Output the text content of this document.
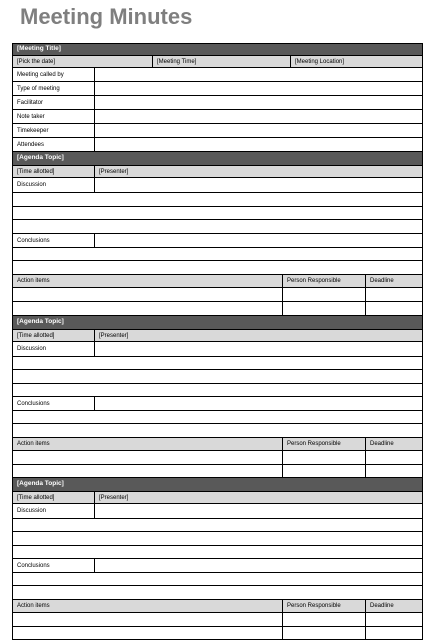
Meeting Minutes
[Meeting Title]
[Pick the date]	[Meeting Time]	[Meeting Location]
Meeting called by
Type of meeting
Facilitator
Note taker
Timekeeper
Attendees
[Agenda Topic]
[Time allotted]	[Presenter]
Discussion
Conclusions
Action items	Person Responsible	Deadline
[Agenda Topic]
[Time allotted]	[Presenter]
Discussion
Conclusions
Action items	Person Responsible	Deadline
[Agenda Topic]
[Time allotted]	[Presenter]
Discussion
Conclusions
Action items	Person Responsible	Deadline
